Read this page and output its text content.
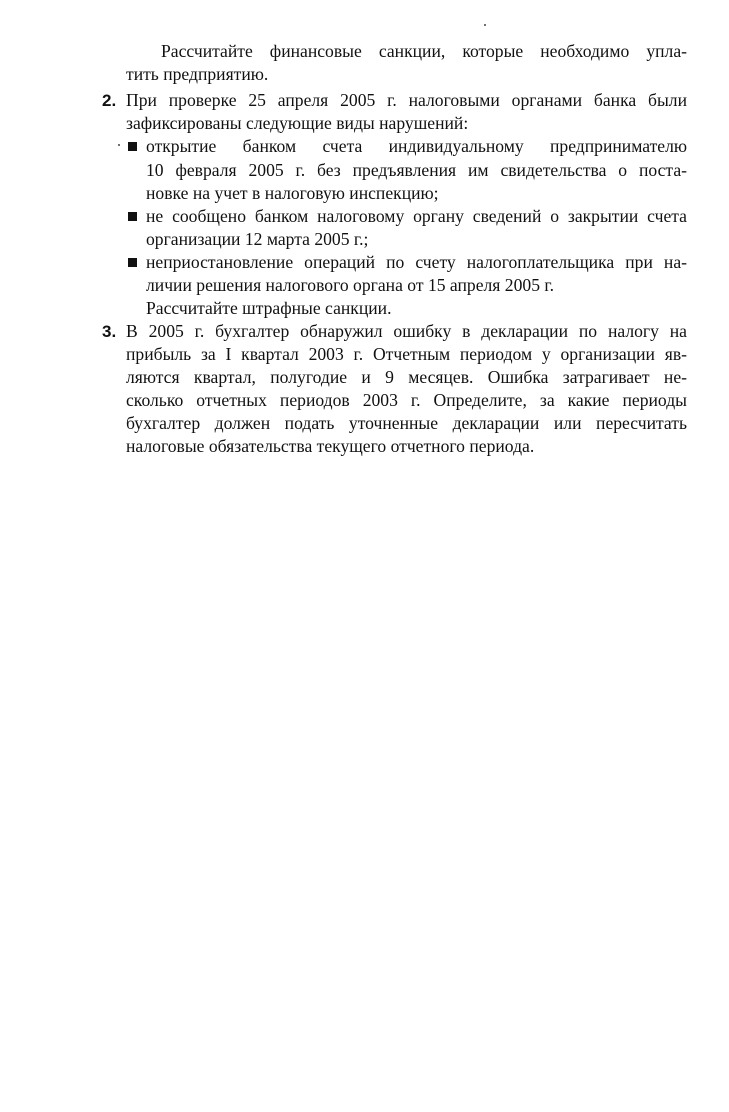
Рассчитайте финансовые санкции, которые необходимо упла-
тить предприятию.
2. При проверке 25 апреля 2005 г. налоговыми органами банка были
зафиксированы следующие виды нарушений:
открытие банком счета индивидуальному предпринимателю
10 февраля 2005 г. без предъявления им свидетельства о поста-
новке на учет в налоговую инспекцию;
не сообщено банком налоговому органу сведений о закрытии счета
организации 12 марта 2005 г.;
неприостановление операций по счету налогоплательщика при на-
личии решения налогового органа от 15 апреля 2005 г.
Рассчитайте штрафные санкции.
3. В 2005 г. бухгалтер обнаружил ошибку в декларации по налогу на
прибыль за I квартал 2003 г. Отчетным периодом у организации яв-
ляются квартал, полугодие и 9 месяцев. Ошибка затрагивает не-
сколько отчетных периодов 2003 г. Определите, за какие периоды
бухгалтер должен подать уточненные декларации или пересчитать
налоговые обязательства текущего отчетного периода.
